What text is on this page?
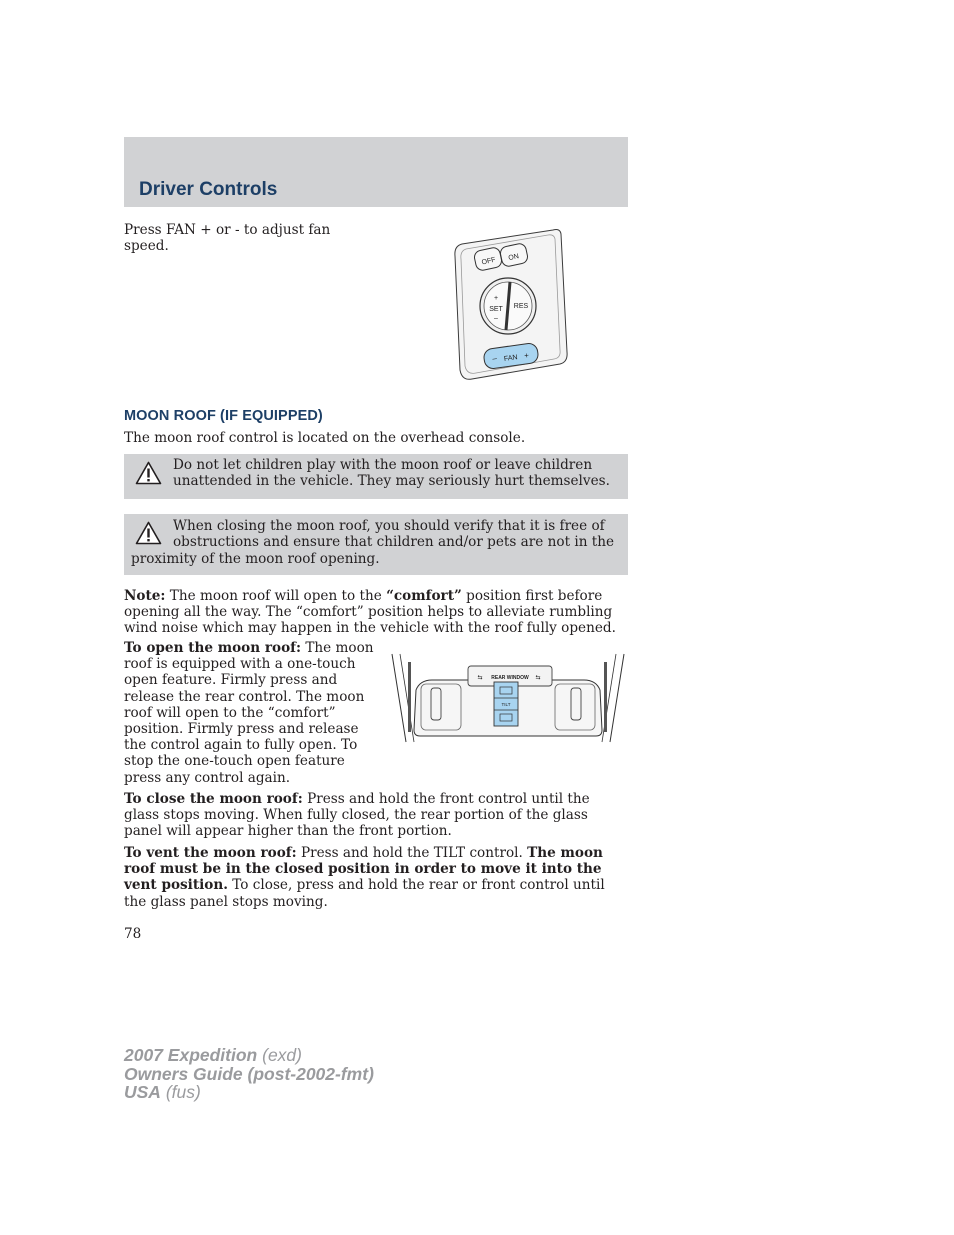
Driver Controls

Press FAN + or - to adjust fan speed.

OFF ON
+
SET
–
RES
– FAN +
MOON ROOF (IF EQUIPPED)

The moon roof control is located on the overhead console.

Do not let children play with the moon roof or leave children unattended in the vehicle. They may seriously hurt themselves.

When closing the moon roof, you should verify that it is free of obstructions and ensure that children and/or pets are not in the

proximity of the moon roof opening.

Note: The moon roof will open to the “comfort” position first before opening all the way. The “comfort” position helps to alleviate rumbling wind noise which may happen in the vehicle with the roof fully opened.

To open the moon roof: The moon roof is equipped with a one-touch open feature. Firmly press and release the rear control. The moon roof will open to the “comfort” position. Firmly press and release the control again to fully open. To stop the one-touch open feature press any control again.

REAR WINDOW
⇆	⇆
TILT

To close the moon roof: Press and hold the front control until the glass stops moving. When fully closed, the rear portion of the glass panel will appear higher than the front portion.

To vent the moon roof: Press and hold the TILT control. The moon roof must be in the closed position in order to move it into the vent position. To close, press and hold the rear or front control until the glass panel stops moving.

78
2007 Expedition (exd)
Owners Guide (post-2002-fmt)
USA (fus)
